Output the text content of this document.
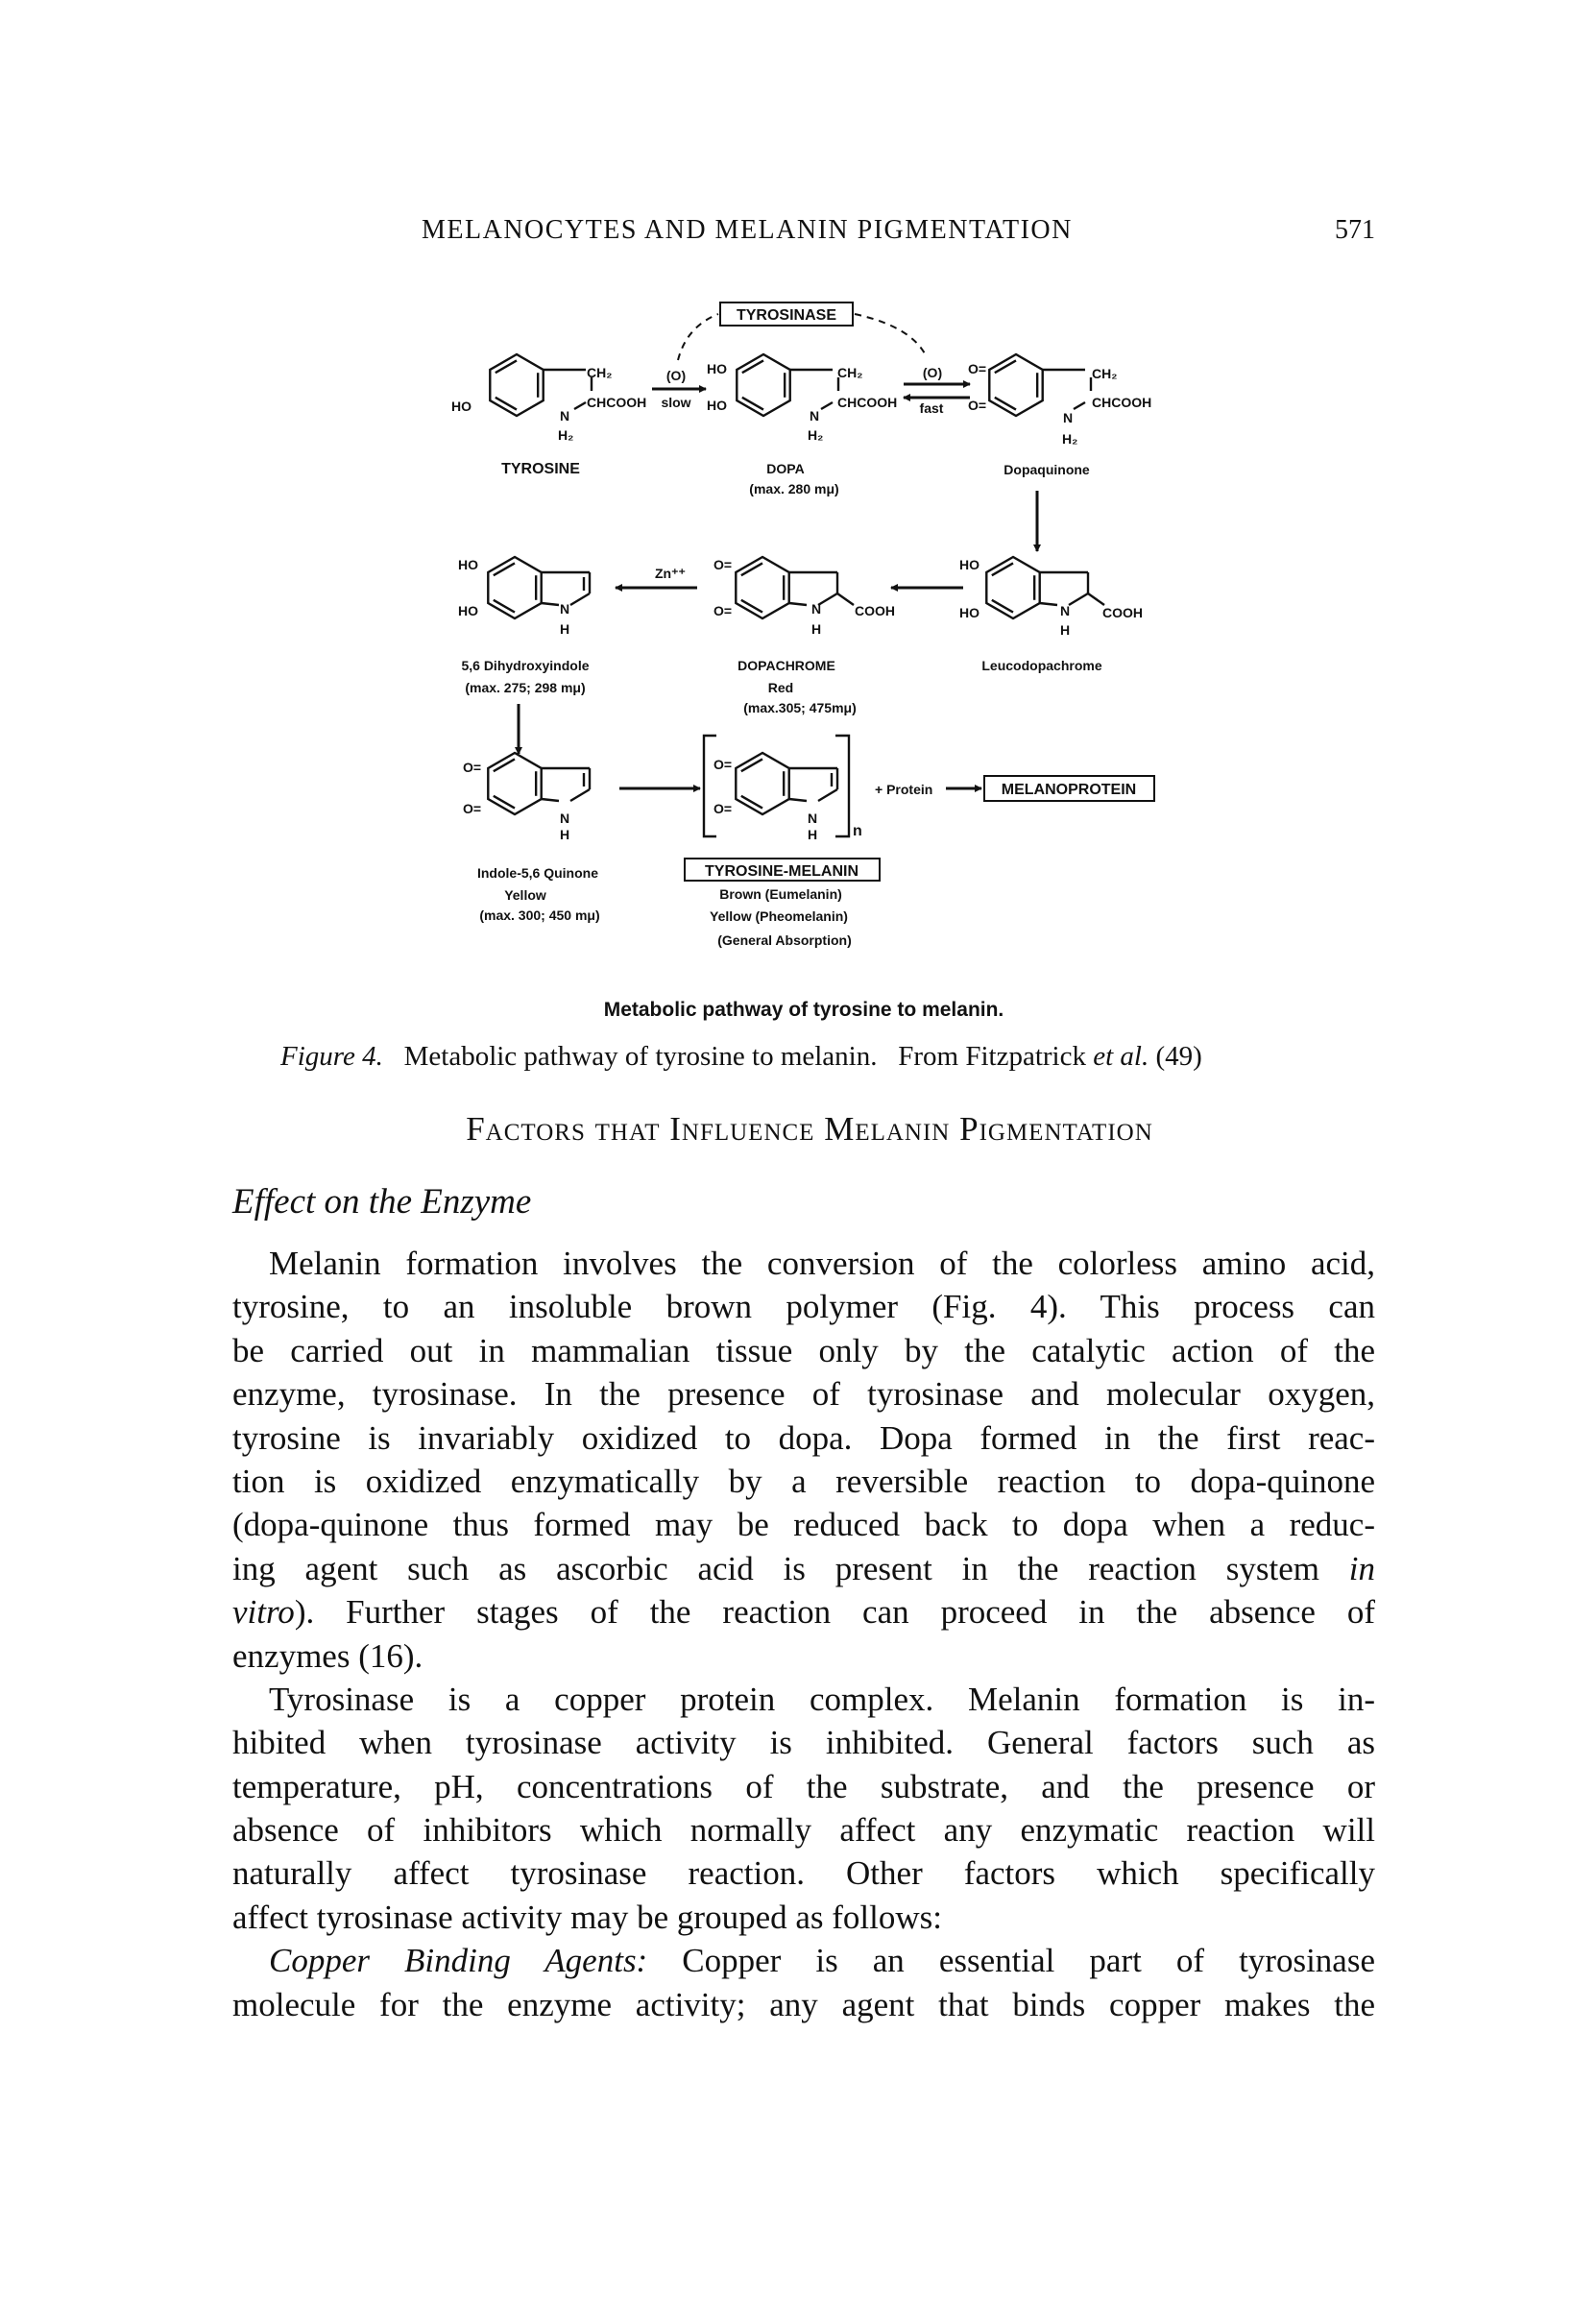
MELANOCYTES AND MELANIN PIGMENTATION	571
TYROSINASE
HO
CH₂
CHCOOH
N
H₂
TYROSINE
(O)
slow
HO
HO
CH₂
CHCOOH
N
H₂
DOPA
(max. 280 mμ)
(O)
fast
O=
O=
CH₂
CHCOOH
N
H₂
Dopaquinone
HO
HO	N
H
5,6 Dihydroxyindole
(max. 275; 298 mμ)
Zn⁺⁺
O=
O=	N
H
COOH
DOPACHROME
Red
(max.305; 475mμ)
HO
HO	N
H
COOH
Leucodopachrome
O=
O=
N
H
Indole-5,6 Quinone
Yellow
(max. 300; 450 mμ)
O=
O=
N
H n
+ Protein	MELANOPROTEIN
TYROSINE-MELANIN
Brown (Eumelanin)
Yellow (Pheomelanin)
(General Absorption)
Metabolic pathway of tyrosine to melanin.
Figure 4. Metabolic pathway of tyrosine to melanin. From Fitzpatrick et al. (49)
Factors that Influence Melanin Pigmentation
Effect on the Enzyme
Melanin formation involves the conversion of the colorless amino acid,
tyrosine, to an insoluble brown polymer (Fig. 4). This process can
be carried out in mammalian tissue only by the catalytic action of the
enzyme, tyrosinase. In the presence of tyrosinase and molecular oxygen,
tyrosine is invariably oxidized to dopa. Dopa formed in the first reac-
tion is oxidized enzymatically by a reversible reaction to dopa-quinone
(dopa-quinone thus formed may be reduced back to dopa when a reduc-
ing agent such as ascorbic acid is present in the reaction system in
vitro). Further stages of the reaction can proceed in the absence of
enzymes (16).
Tyrosinase is a copper protein complex. Melanin formation is in-
hibited when tyrosinase activity is inhibited. General factors such as
temperature, pH, concentrations of the substrate, and the presence or
absence of inhibitors which normally affect any enzymatic reaction will
naturally affect tyrosinase reaction. Other factors which specifically
affect tyrosinase activity may be grouped as follows:
Copper Binding Agents: Copper is an essential part of tyrosinase
molecule for the enzyme activity; any agent that binds copper makes the
